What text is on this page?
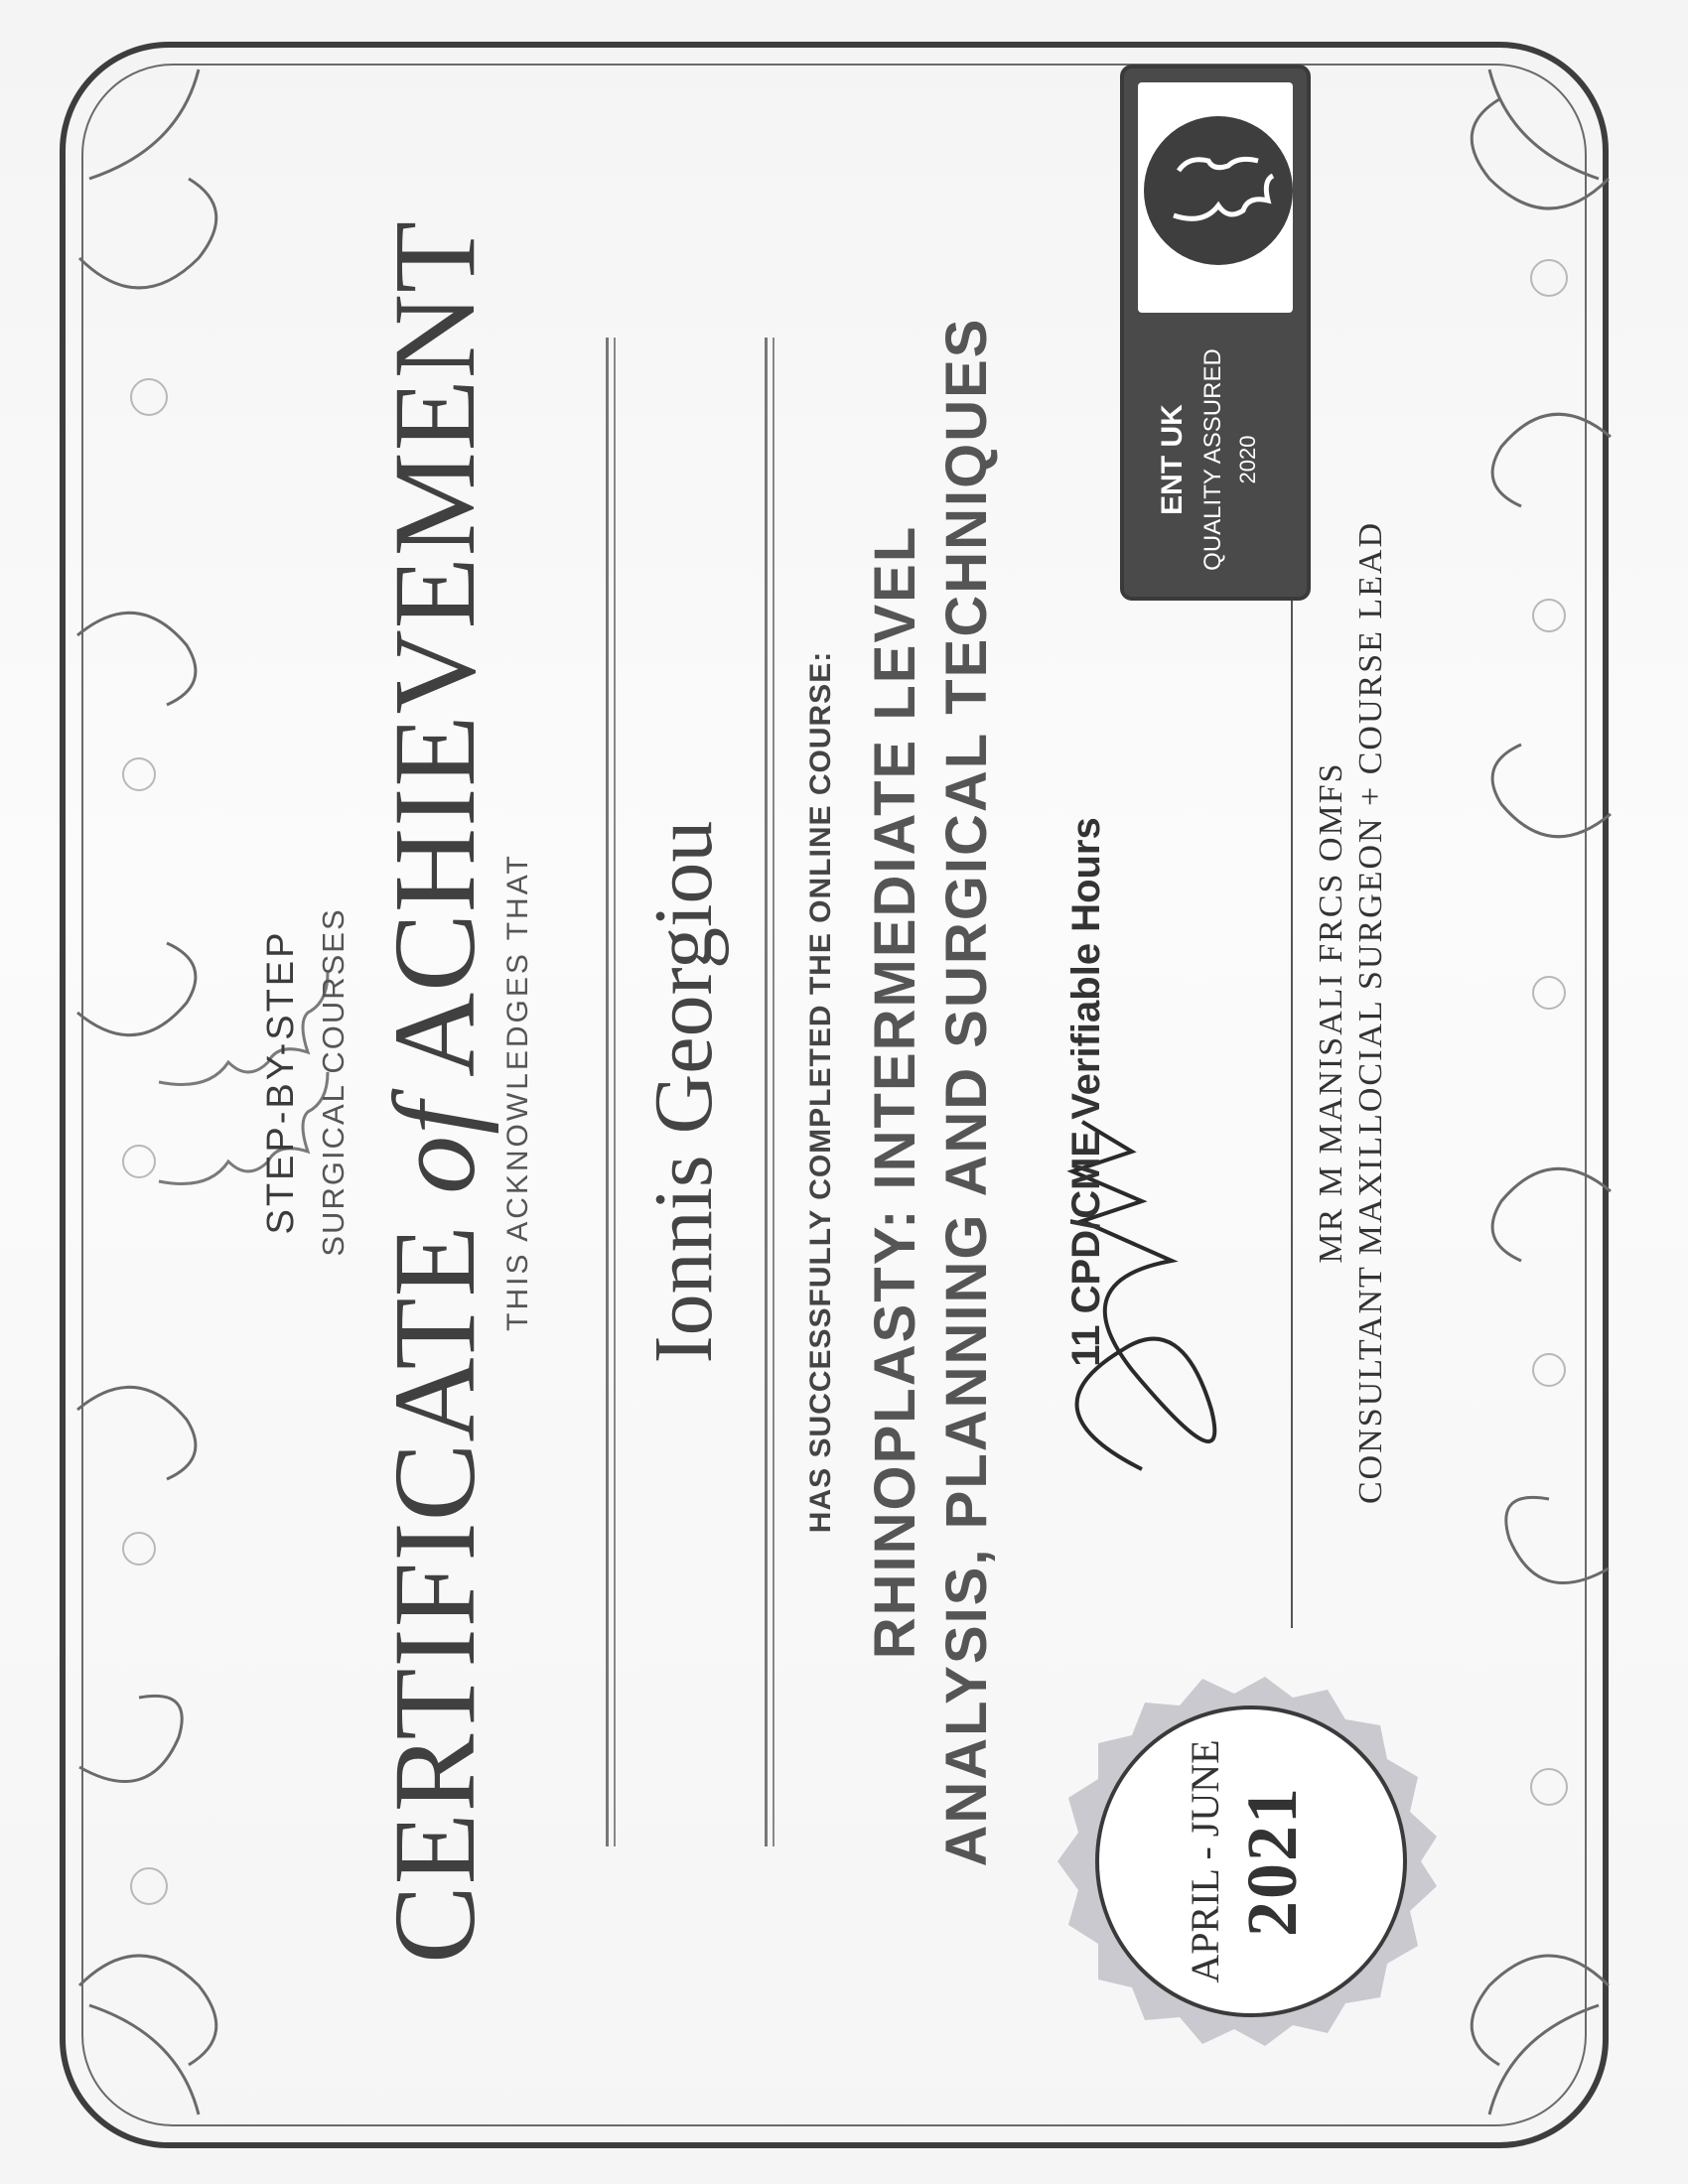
STEP-BY-STEP SURGICAL COURSES
CERTIFICATE of ACHIEVEMENT THIS ACKNOWLEDGES THAT Ionnis Georgiou	HAS SUCCESSFULLY COMPLETED THE ONLINE COURSE: RHINOPLASTY: INTERMEDIATE LEVEL ANALYSIS, PLANNING AND SURGICAL TECHNIQUES 11 CPD/CME Verifiable Hours	MR M MANISALI FRCS OMFS CONSULTANT MAXILLOCIAL SURGEON + COURSE LEAD
APRIL - JUNE 2021
ENT UK QUALITY ASSURED 2020
